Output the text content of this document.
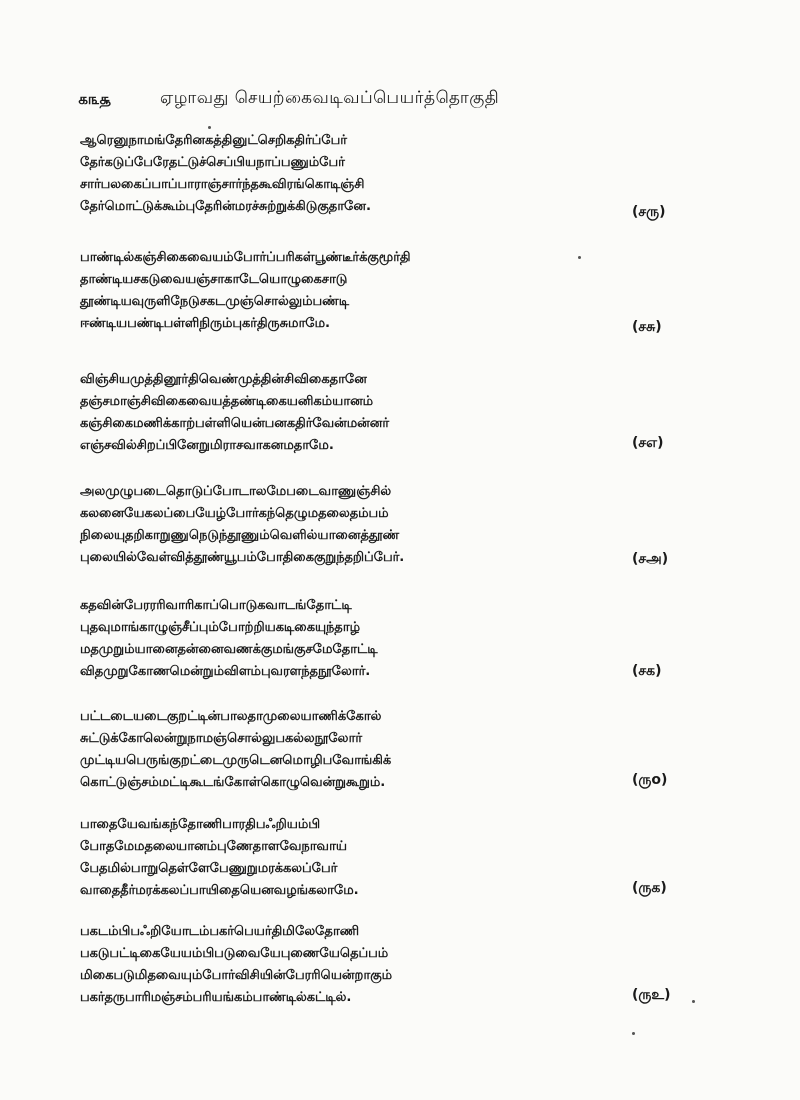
௧௩௲	ஏழாவது செயற்கைவடிவப்பெயர்த்தொகுதி
ஆரெனுநாமங்தேரினகத்தினுட்செறிகதிர்ப்பேர்
தேர்கடுப்பேரேதட்டுச்செப்பியநாப்பணும்பேர்
சார்பலகைப்பாப்பாராஞ்சார்ந்தகூவிரங்கொடிஞ்சி
தேர்மொட்டுக்கூம்புதேரின்மரச்சுற்றுக்கிடுகுதானே.	(சரு)
பாண்டில்கஞ்சிகைவையம்போர்ப்பரிகள்பூண்டீர்க்குமூர்தி
தாண்டியசகடுவையஞ்சாகாடேயொழுகைசாடு
தூண்டியவுருளிநேடுசகடமுஞ்சொல்லும்பண்டி
ஈண்டியபண்டிபள்ளிநிரும்புகர்திருசுமாமே.	(சசு)
விஞ்சியமுத்தினூர்திவெண்முத்தின்சிவிகைதானே
தஞ்சமாஞ்சிவிகைவையத்தண்டிகையனிகம்யானம்
கஞ்சிகைமணிக்காற்பள்ளியென்பனகதிர்வேன்மன்னர்
எஞ்சவில்சிறப்பினேறுமிராசவாகனமதாமே.	(சஎ)
அலமுழுபடைதொடுப்போடாலமேபடைவாணுஞ்சில்
கலனையேகலப்பையேழ்போர்கந்தெழுமதலைதம்பம்
நிலையுதறிகாறுணுநெடுந்தூணும்வெளில்யானைத்தூண்
புலையில்வேள்வித்தூண்யூபம்போதிகைகுறுந்தறிப்பேர்.	(சஅ)
கதவின்பேரரரிவாரிகாப்பொடுகவாடங்தோட்டி
புதவுமாங்காழுஞ்சீப்பும்போற்றியகடிகையுந்தாழ்
மதமுறும்யானைதன்னைவணக்குமங்குசமேதோட்டி
விதமுறுகோணமென்றும்விளம்புவரளந்தநூலோர்.	(சக)
பட்டடையடைகுறட்டின்பாலதாமுலையாணிக்கோல்
சுட்டுக்கோலென்றுநாமஞ்சொல்லுபகல்லநூலோர்
முட்டியபெருங்குறட்டைமுருடெனமொழிபவோங்கிக்
கொட்டுஞ்சம்மட்டிகூடங்கோள்கொழுவென்றுகூறும்.	(ருo)
பாதையேவங்கந்தோணிபாரதிபஃறியம்பி
போதமேமதலையானம்புணேதாளவேநாவாய்
பேதமில்பாறுதெள்ளேபேணுறுமரக்கலப்பேர்
வாதைதீர்மரக்கலப்பாயிதையெனவழங்கலாமே.	(ருக)
பகடம்பிபஃறியோடம்பகர்பெயர்திமிலேதோணி
பகடுபட்டிகையேயம்பிபடுவையேபுணையேதெப்பம்
மிகைபடுமிதவையும்போர்விசியின்பேரரியென்றாகும்
பகர்தருபாரிமஞ்சம்பரியங்கம்பாண்டில்கட்டில்.	(ருஉ)
